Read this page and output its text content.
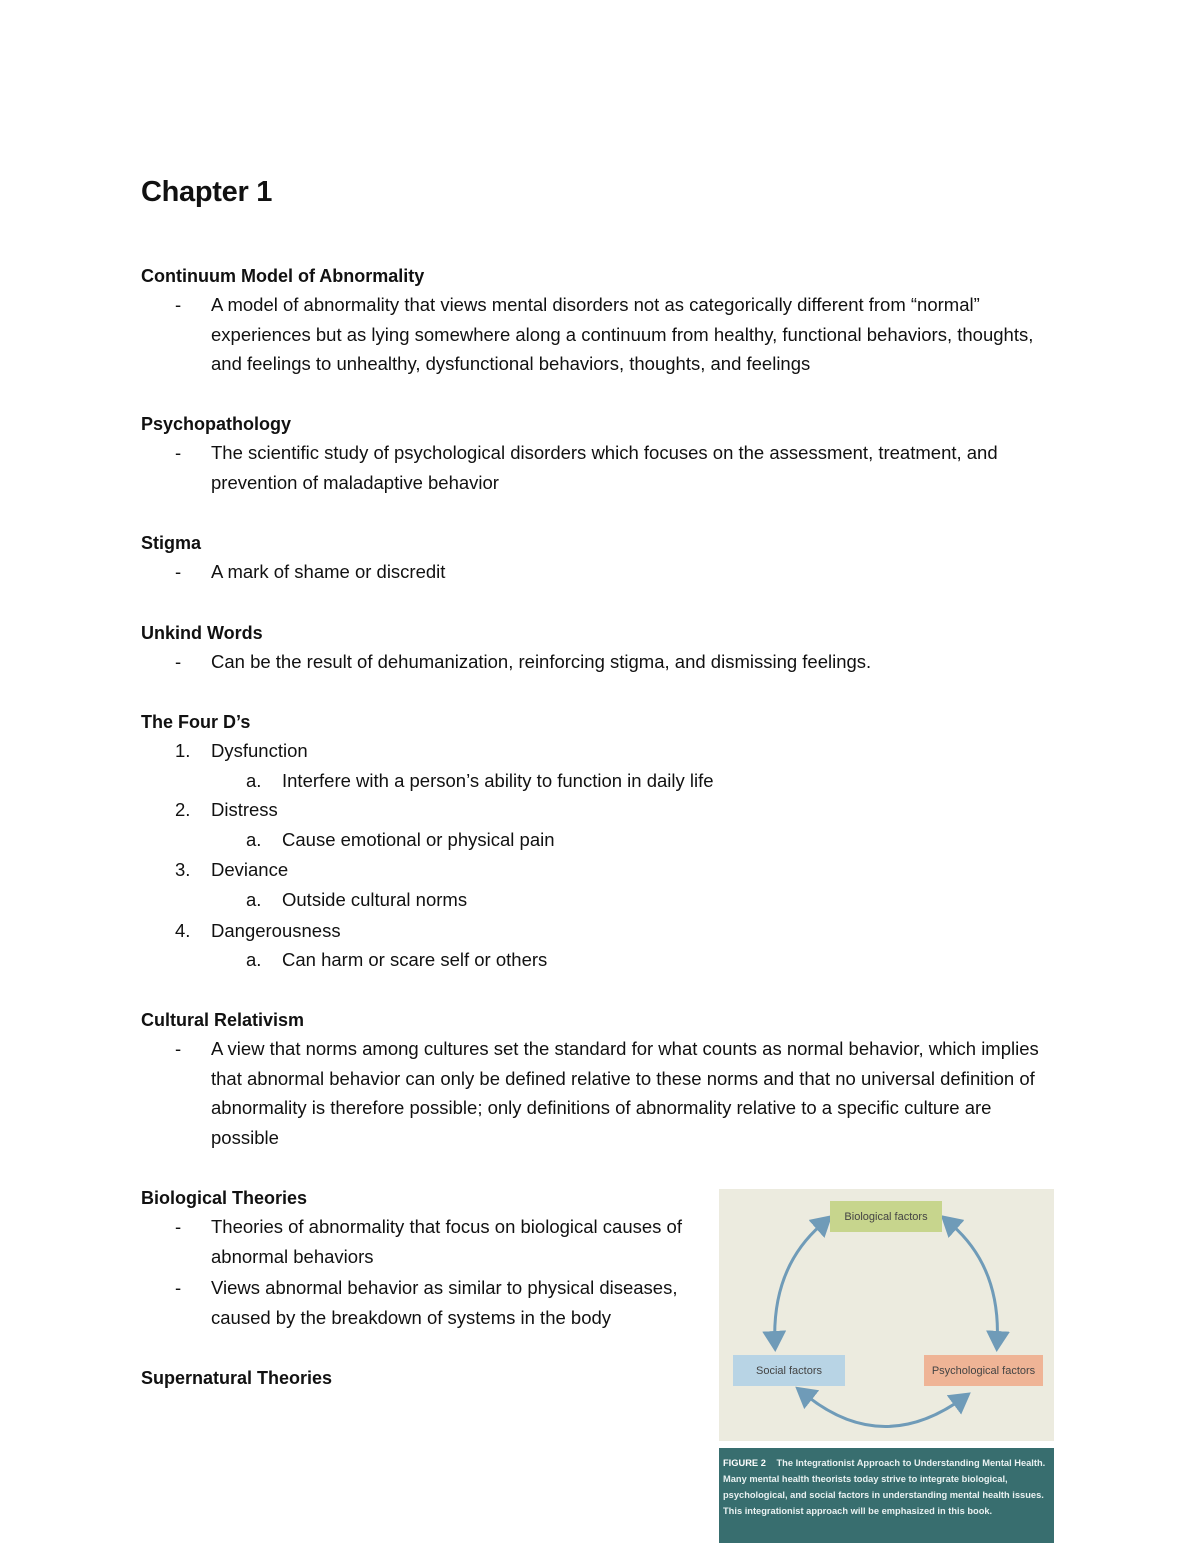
Chapter 1
Continuum Model of Abnormality
- A model of abnormality that views mental disorders not as categorically different from “normal” experiences but as lying somewhere along a continuum from healthy, functional behaviors, thoughts, and feelings to unhealthy, dysfunctional behaviors, thoughts, and feelings
Psychopathology
- The scientific study of psychological disorders which focuses on the assessment, treatment, and prevention of maladaptive behavior
Stigma
- A mark of shame or discredit
Unkind Words
- Can be the result of dehumanization, reinforcing stigma, and dismissing feelings.
The Four D’s
1. Dysfunction
a. Interfere with a person’s ability to function in daily life
2. Distress
a. Cause emotional or physical pain
3. Deviance
a. Outside cultural norms
4. Dangerousness
a. Can harm or scare self or others
Cultural Relativism
- A view that norms among cultures set the standard for what counts as normal behavior, which implies that abnormal behavior can only be defined relative to these norms and that no universal definition of abnormality is therefore possible; only definitions of abnormality relative to a specific culture are possible
Biological Theories
- Theories of abnormality that focus on biological causes of abnormal behaviors
- Views abnormal behavior as similar to physical diseases, caused by the breakdown of systems in the body
Supernatural Theories
Biological factors
Social factors	Psychological factors
FIGURE 2 The Integrationist Approach to Understanding Mental Health. Many mental health theorists today strive to integrate biological, psychological, and social factors in understanding mental health issues. This integrationist approach will be emphasized in this book.
